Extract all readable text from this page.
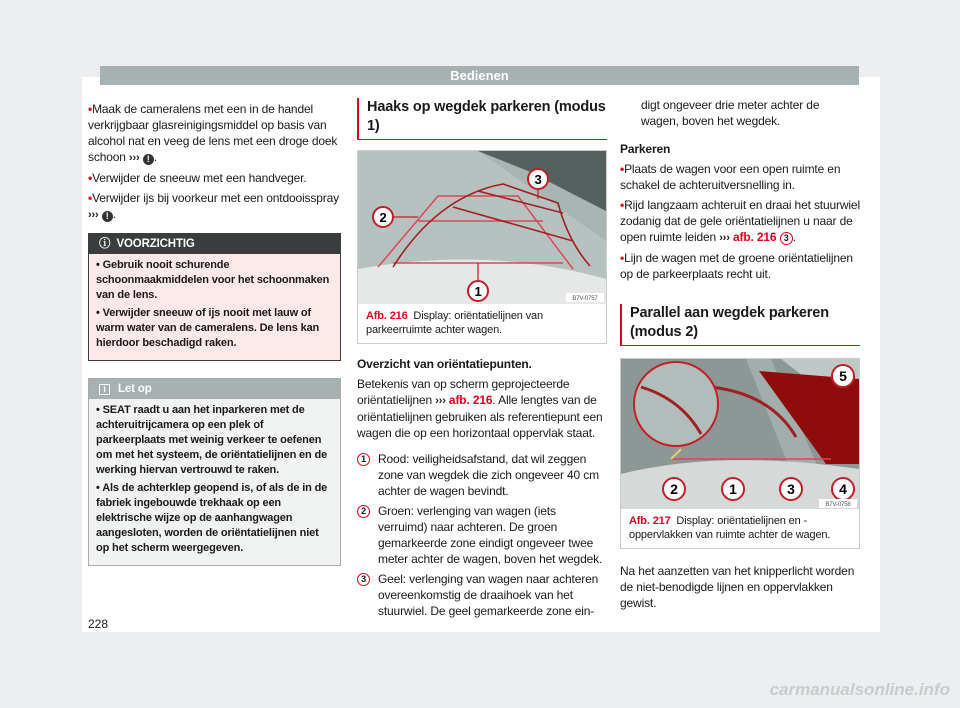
Bedienen

• Maak de cameralens met een in de handel verkrijgbaar glasreinigingsmiddel op basis van alcohol nat en veeg de lens met een droge doek schoon ››› ! .

• Verwijder de sneeuw met een handveger.

• Verwijder ijs bij voorkeur met een ontdooisspray ››› ! .

ⓘ  VOORZICHTIG

• Gebruik nooit schurende schoonmaakmiddelen voor het schoonmaken van de lens.

• Verwijder sneeuw of ijs nooit met lauw of warm water van de cameralens. De lens kan hierdoor beschadigd raken.

i Let op

• SEAT raadt u aan het inparkeren met de achteruitrijcamera op een plek of parkeerplaats met weinig verkeer te oefenen om met het systeem, de oriëntatielijnen en de werking hiervan vertrouwd te raken.

• Als de achterklep geopend is, of als de in de fabriek ingebouwde trekhaak op een elektrische wijze op de aanhangwagen aangesloten, worden de oriëntatielijnen niet op het scherm weergegeven.

Haaks op wegdek parkeren (modus 1)
1
2
3
B7V-0757
Afb. 216 Display: oriëntatielijnen van parkeerruimte achter wagen.

Overzicht van oriëntatiepunten.

Betekenis van op scherm geprojecteerde oriëntatielijnen ››› afb. 216. Alle lengtes van de oriëntatielijnen gebruiken als referentiepunt een wagen die op een horizontaal oppervlak staat.

1	Rood: veiligheidsafstand, dat wil zeggen zone van wegdek die zich ongeveer 40 cm achter de wagen bevindt.
2	Groen: verlenging van wagen (iets verruimd) naar achteren. De groen gemarkeerde zone eindigt ongeveer twee meter achter de wagen, boven het wegdek.
3	Geel: verlenging van wagen naar achteren overeenkomstig de draaihoek van het stuurwiel. De geel gemarkeerde zone ein-

digt ongeveer drie meter achter de wagen, boven het wegdek.

Parkeren

• Plaats de wagen voor een open ruimte en schakel de achteruitversnelling in.

• Rijd langzaam achteruit en draai het stuurwiel zodanig dat de gele oriëntatielijnen u naar de open ruimte leiden ››› afb. 216 3 .

• Lijn de wagen met de groene oriëntatielijnen op de parkeerplaats recht uit.

Parallel aan wegdek parkeren (modus 2)
2	1	3	4
5
B7V-0758
Afb. 217 Display: oriëntatielijnen en -oppervlakken van ruimte achter de wagen.

Na het aanzetten van het knipperlicht worden de niet-benodigde lijnen en oppervlakken gewist.

228
carmanualsonline.info
